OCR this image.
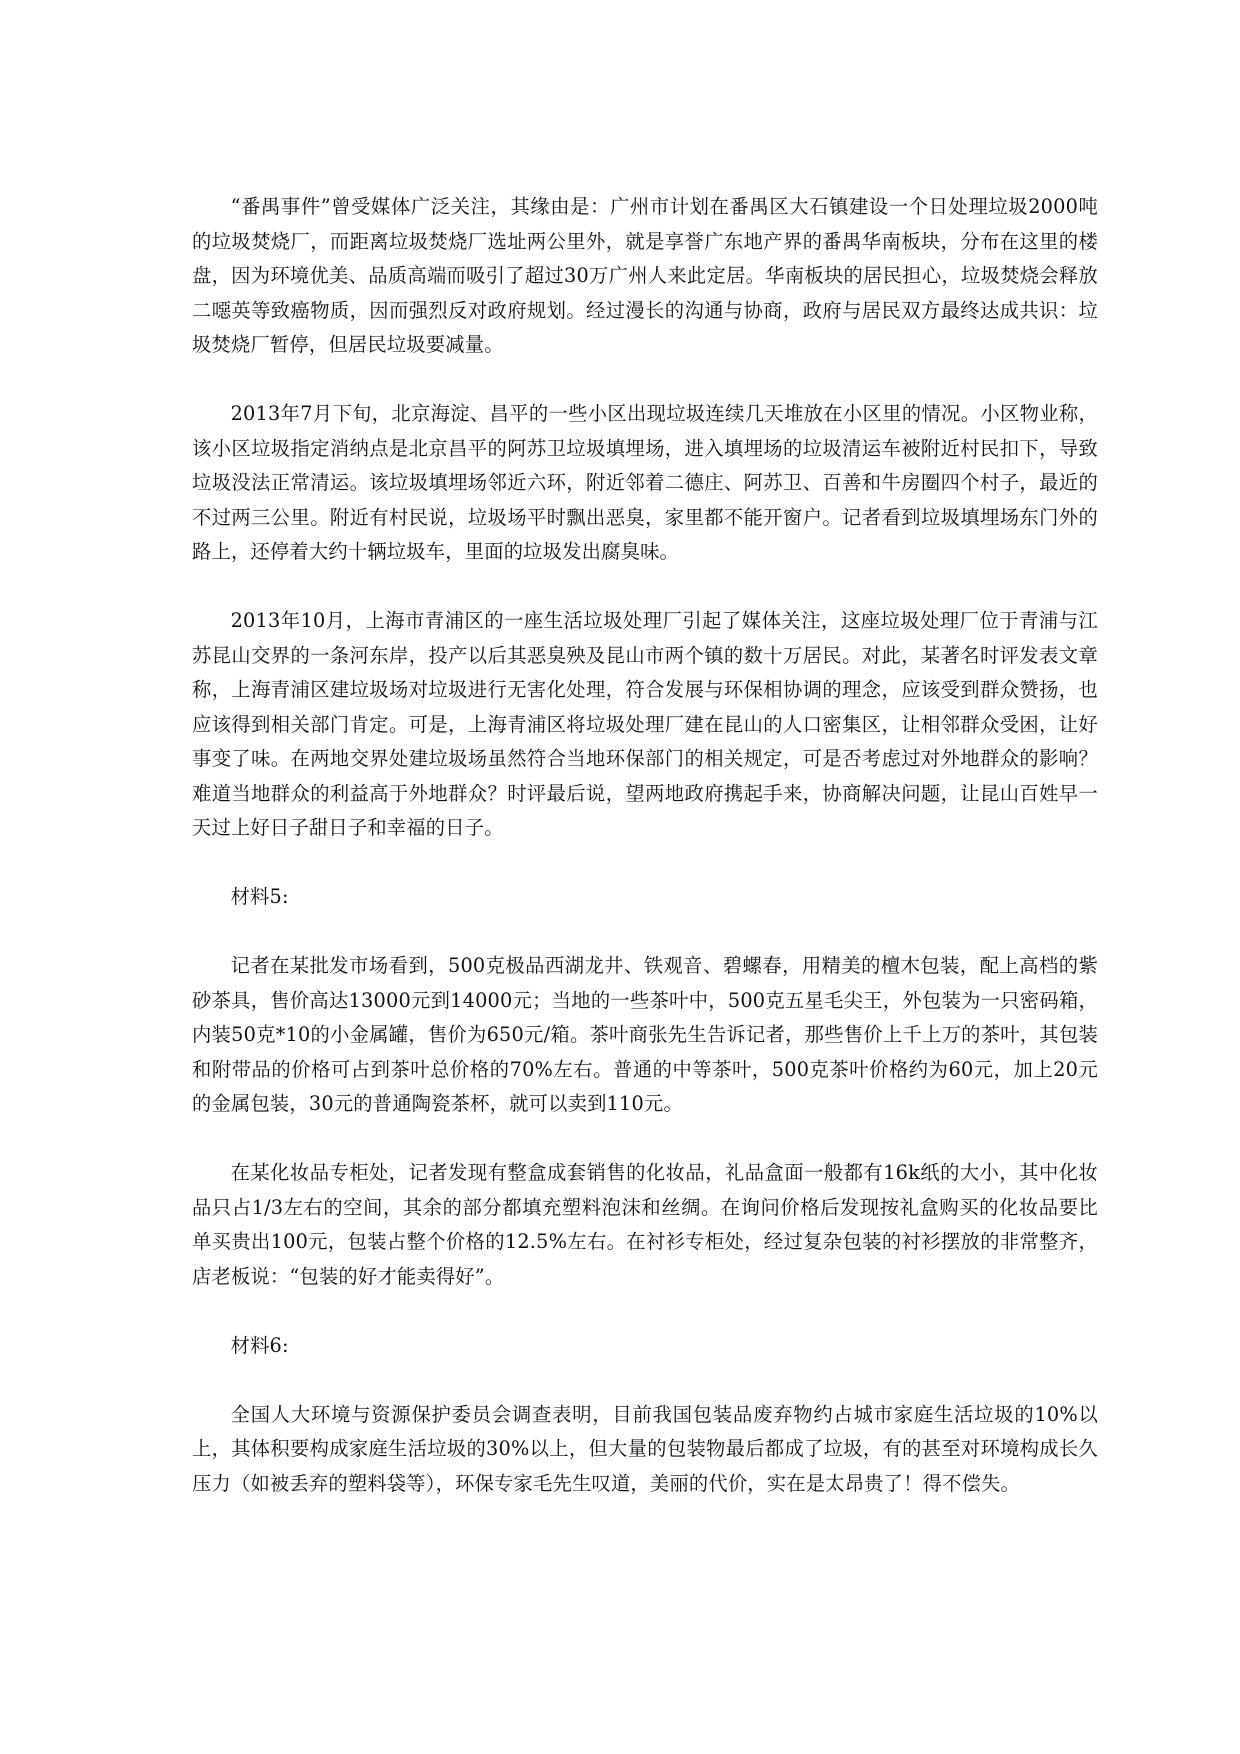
“番禺事件”曾受媒体广泛关注，其缘由是：广州市计划在番禺区大石镇建设一个日处理垃圾2000吨的垃圾焚烧厂，而距离垃圾焚烧厂选址两公里外，就是享誉广东地产界的番禺华南板块，分布在这里的楼盘，因为环境优美、品质高端而吸引了超过30万广州人来此定居。华南板块的居民担心，垃圾焚烧会释放二噁英等致癌物质，因而强烈反对政府规划。经过漫长的沟通与协商，政府与居民双方最终达成共识：垃圾焚烧厂暂停，但居民垃圾要减量。

2013年7月下旬，北京海淀、昌平的一些小区出现垃圾连续几天堆放在小区里的情况。小区物业称，该小区垃圾指定消纳点是北京昌平的阿苏卫垃圾填埋场，进入填埋场的垃圾清运车被附近村民扣下，导致垃圾没法正常清运。该垃圾填埋场邻近六环，附近邻着二德庄、阿苏卫、百善和牛房圈四个村子，最近的不过两三公里。附近有村民说，垃圾场平时飘出恶臭，家里都不能开窗户。记者看到垃圾填埋场东门外的路上，还停着大约十辆垃圾车，里面的垃圾发出腐臭味。

2013年10月，上海市青浦区的一座生活垃圾处理厂引起了媒体关注，这座垃圾处理厂位于青浦与江苏昆山交界的一条河东岸，投产以后其恶臭殃及昆山市两个镇的数十万居民。对此，某著名时评发表文章称，上海青浦区建垃圾场对垃圾进行无害化处理，符合发展与环保相协调的理念，应该受到群众赞扬，也应该得到相关部门肯定。可是，上海青浦区将垃圾处理厂建在昆山的人口密集区，让相邻群众受困，让好事变了味。在两地交界处建垃圾场虽然符合当地环保部门的相关规定，可是否考虑过对外地群众的影响？难道当地群众的利益高于外地群众？时评最后说，望两地政府携起手来，协商解决问题，让昆山百姓早一天过上好日子甜日子和幸福的日子。

材料5:

记者在某批发市场看到，500克极品西湖龙井、铁观音、碧螺春，用精美的檀木包装，配上高档的紫砂茶具，售价高达13000元到14000元；当地的一些茶叶中，500克五星毛尖王，外包装为一只密码箱，内装50克*10的小金属罐，售价为650元/箱。茶叶商张先生告诉记者，那些售价上千上万的茶叶，其包装和附带品的价格可占到茶叶总价格的70%左右。普通的中等茶叶，500克茶叶价格约为60元，加上20元的金属包装，30元的普通陶瓷茶杯，就可以卖到110元。

在某化妆品专柜处，记者发现有整盒成套销售的化妆品，礼品盒面一般都有16k纸的大小，其中化妆品只占1/3左右的空间，其余的部分都填充塑料泡沫和丝绸。在询问价格后发现按礼盒购买的化妆品要比单买贵出100元，包装占整个价格的12.5%左右。在衬衫专柜处，经过复杂包装的衬衫摆放的非常整齐，店老板说：“包装的好才能卖得好”。

材料6:

全国人大环境与资源保护委员会调查表明，目前我国包装品废弃物约占城市家庭生活垃圾的10%以上，其体积要构成家庭生活垃圾的30%以上，但大量的包装物最后都成了垃圾，有的甚至对环境构成长久压力（如被丢弃的塑料袋等），环保专家毛先生叹道，美丽的代价，实在是太昂贵了！得不偿失。
